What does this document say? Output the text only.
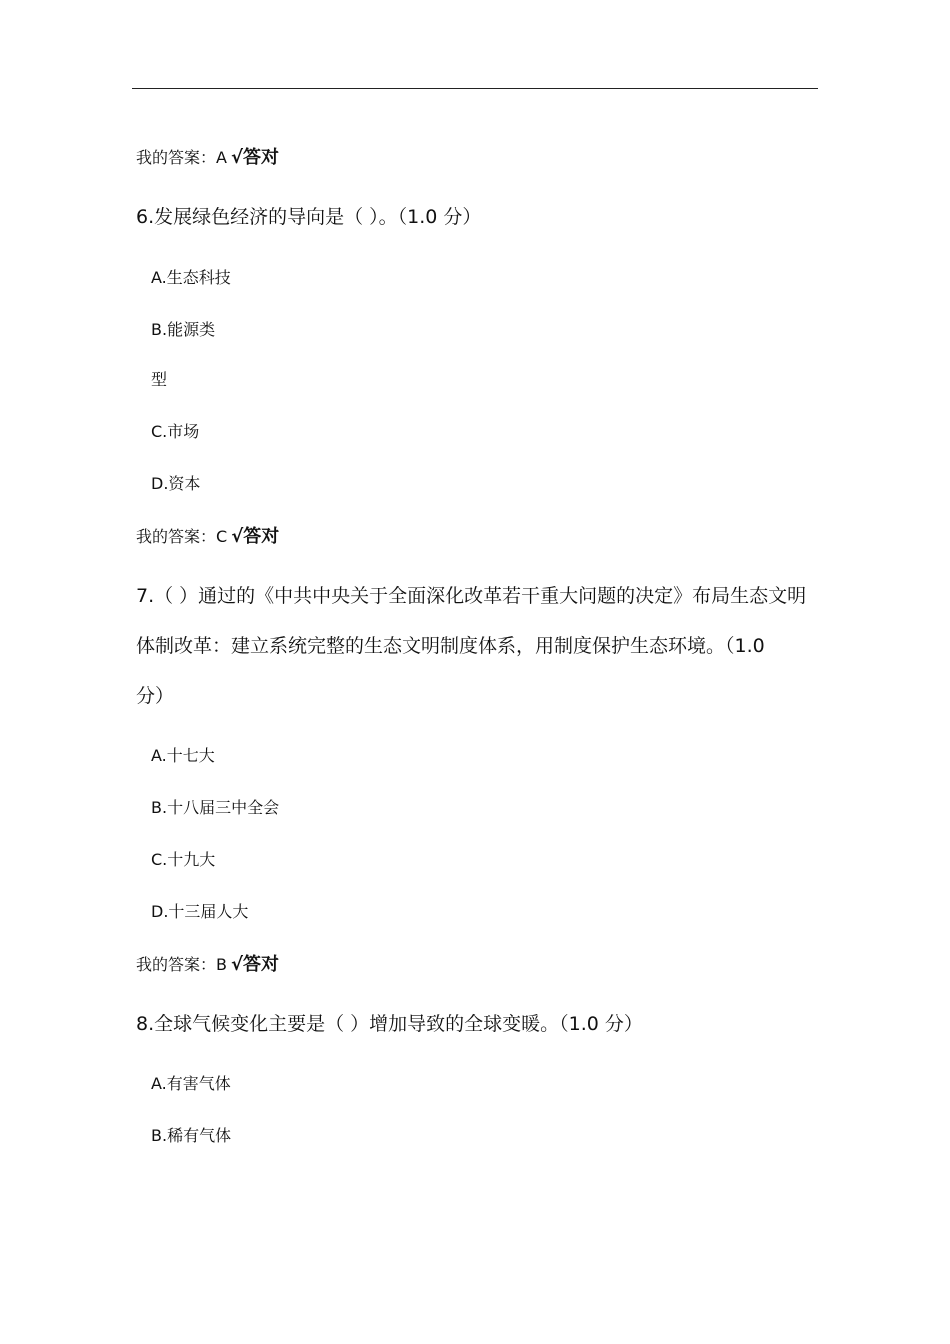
我的答案：A √答对
6.发展绿色经济的导向是（ ）。（1.0 分）
A.生态科技
B.能源类
型
C.市场
D.资本
我的答案：C √答对
7.（ ）通过的《中共中央关于全面深化改革若干重大问题的决定》布局生态文明
体制改革：建立系统完整的生态文明制度体系，用制度保护生态环境。（1.0
分）
A.十七大
B.十八届三中全会
C.十九大
D.十三届人大
我的答案：B √答对
8.全球气候变化主要是（ ）增加导致的全球变暖。（1.0 分）
A.有害气体
B.稀有气体
